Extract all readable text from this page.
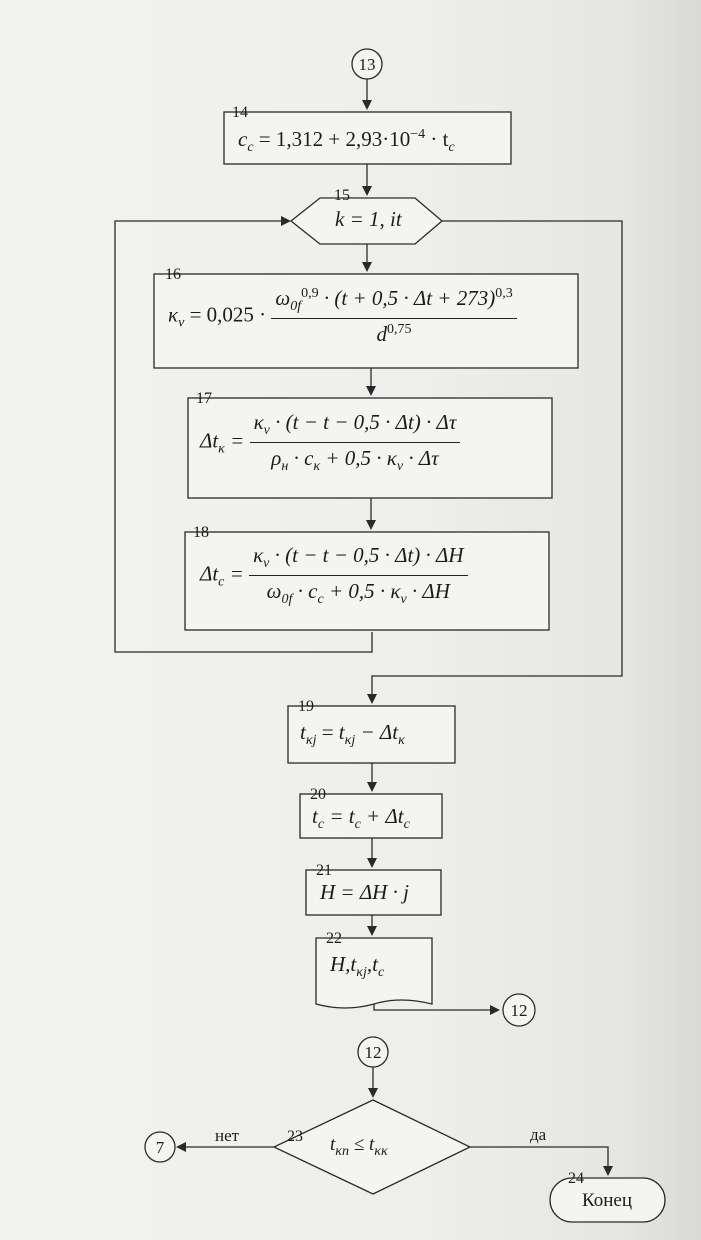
13
14
15
16
17
18
19
20
21
22
12
12
23
нет
7
да
24
Конец
$c_c = 1,312 + 2,93\cdot 10^{-4} \cdot t_c$
k = 1, it
$\kappa_v = 0,025 \cdot \frac{\omega_{0f}^{0,9} \cdot (t + 0,5 \cdot \Delta t + 273)^{0,3}}{d^{0,75}}$
$\Delta t_\kappa = \frac{\kappa_v \cdot (t - t - 0,5 \cdot \Delta t) \cdot \Delta\tau}{\rho_н \cdot c_\kappa + 0,5 \cdot \kappa_v \cdot \Delta\tau}$
$\Delta t_c = \frac{\kappa_v \cdot (t - t - 0,5 \cdot \Delta t) \cdot \Delta H}{\omega_{0f} \cdot c_c + 0,5 \cdot \kappa_v \cdot \Delta H}$
$t_{\kappa j} = t_{\kappa j} - \Delta t_\kappa$
$t_c = t_c + \Delta t_c$
H = ΔH · j
$H,t_{\kappa j},t_c$
$t_{\kappa n} \le t_{\kappa\kappa}$
